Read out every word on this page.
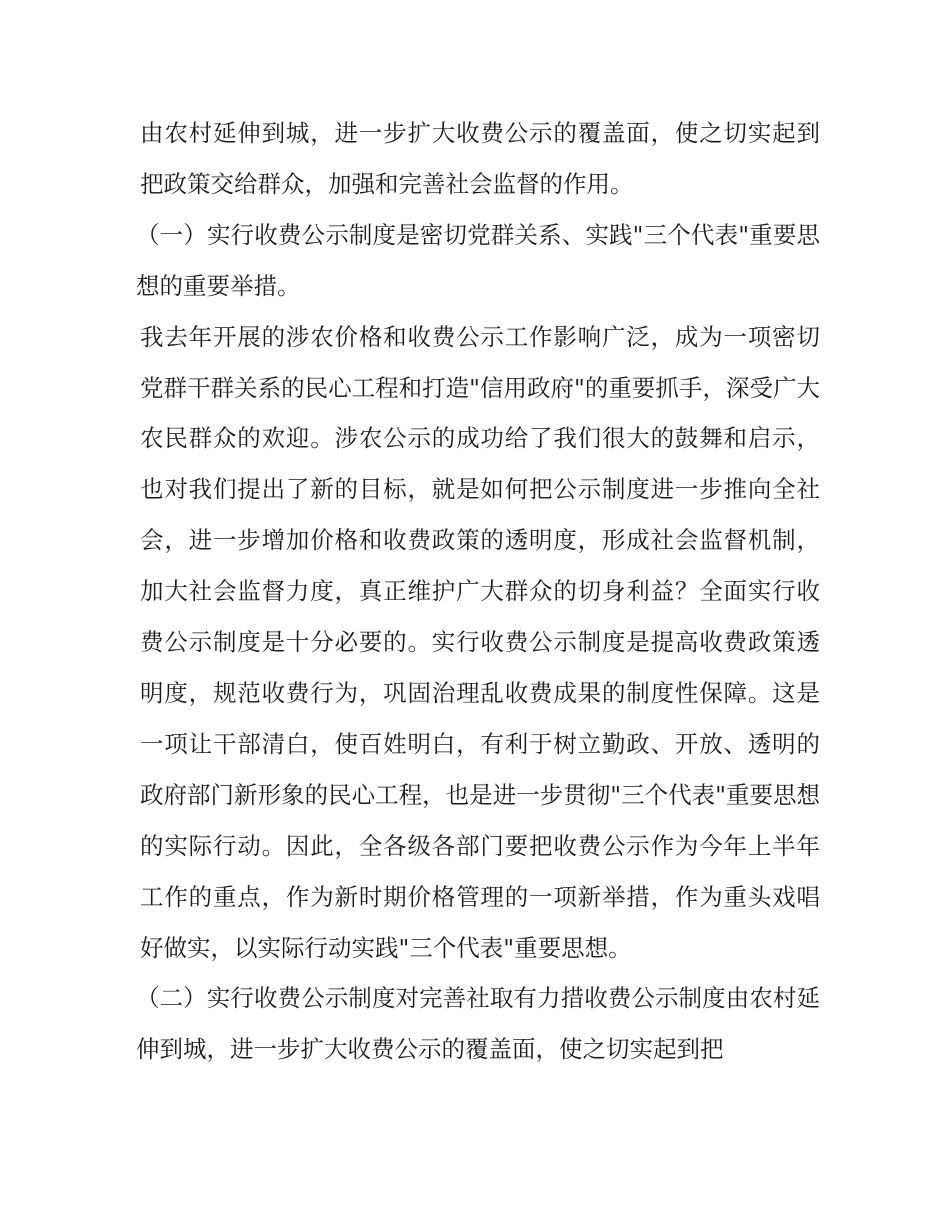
由农村延伸到城，进一步扩大收费公示的覆盖面，使之切实起到把政策交给群众，加强和完善社会监督的作用。

（一）实行收费公示制度是密切党群关系、实践"三个代表"重要思想的重要举措。

我去年开展的涉农价格和收费公示工作影响广泛，成为一项密切党群干群关系的民心工程和打造"信用政府"的重要抓手，深受广大农民群众的欢迎。涉农公示的成功给了我们很大的鼓舞和启示，也对我们提出了新的目标，就是如何把公示制度进一步推向全社会，进一步增加价格和收费政策的透明度，形成社会监督机制，加大社会监督力度，真正维护广大群众的切身利益？全面实行收费公示制度是十分必要的。实行收费公示制度是提高收费政策透明度，规范收费行为，巩固治理乱收费成果的制度性保障。这是一项让干部清白，使百姓明白，有利于树立勤政、开放、透明的政府部门新形象的民心工程，也是进一步贯彻"三个代表"重要思想的实际行动。因此，全各级各部门要把收费公示作为今年上半年工作的重点，作为新时期价格管理的一项新举措，作为重头戏唱好做实，以实际行动实践"三个代表"重要思想。

（二）实行收费公示制度对完善社取有力措收费公示制度由农村延伸到城，进一步扩大收费公示的覆盖面，使之切实起到把
